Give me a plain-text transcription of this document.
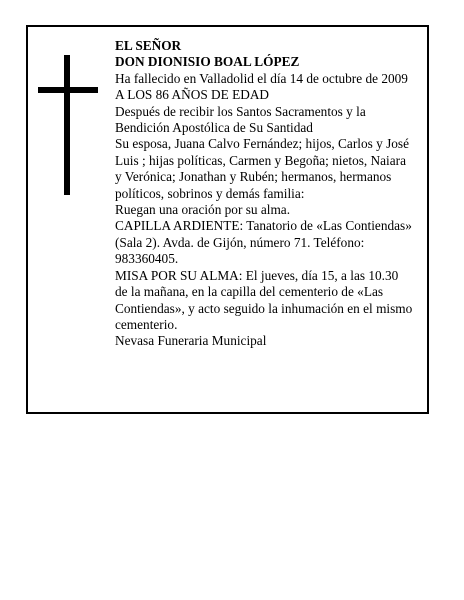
EL SEÑOR
DON DIONISIO BOAL LÓPEZ
Ha fallecido en Valladolid el día 14 de octubre de 2009
A LOS 86 AÑOS DE EDAD
Después de recibir los Santos Sacramentos y la
Bendición Apostólica de Su Santidad
Su esposa, Juana Calvo Fernández; hijos, Carlos y José
Luis ; hijas políticas, Carmen y Begoña; nietos, Naiara
y Verónica; Jonathan y Rubén; hermanos, hermanos
políticos, sobrinos y demás familia:
Ruegan una oración por su alma.
CAPILLA ARDIENTE: Tanatorio de «Las Contiendas»
(Sala 2). Avda. de Gijón, número 71. Teléfono:
983360405.
MISA POR SU ALMA: El jueves, día 15, a las 10.30
de la mañana, en la capilla del cementerio de «Las
Contiendas», y acto seguido la inhumación en el mismo
cementerio.
Nevasa Funeraria Municipal
